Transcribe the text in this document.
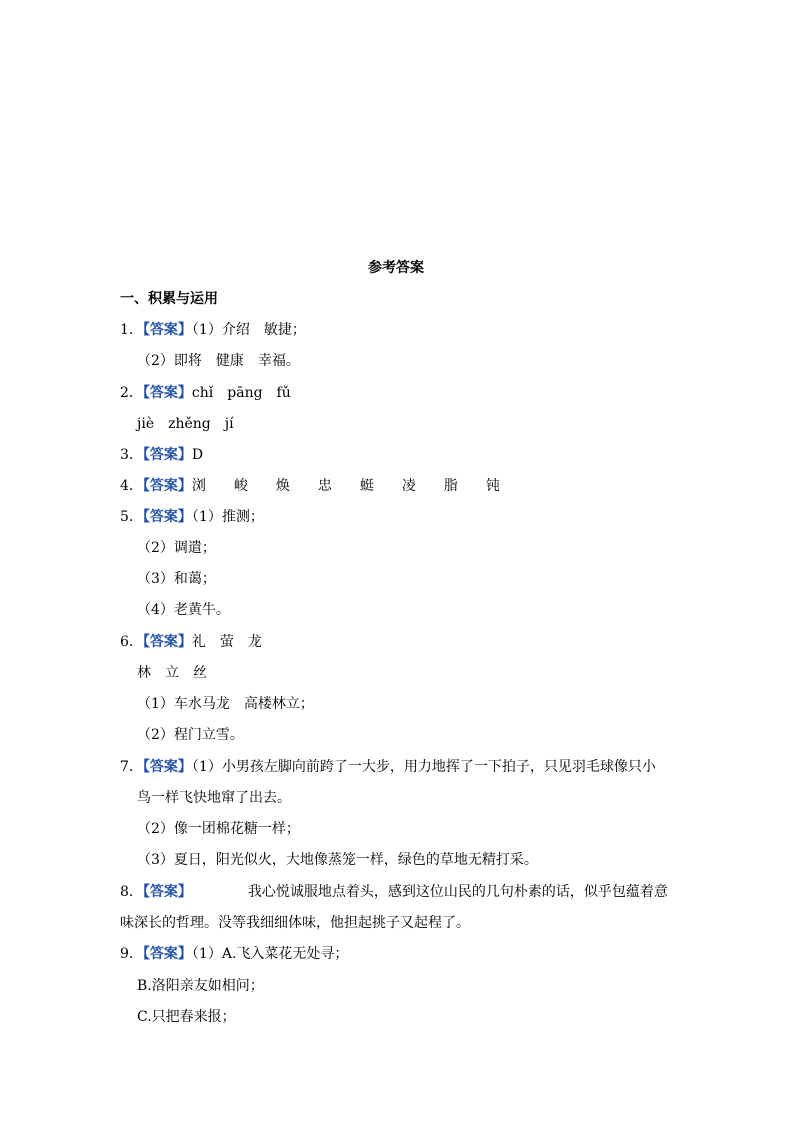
参考答案
一、积累与运用
1．【答案】（1）介绍　敏捷；
（2）即将　健康　幸福。
2．【答案】chǐ　pāng　fǔ
jiè　zhěng　jí
3．【答案】D
4．【答案】浏　　峻　　焕　　忠　　蜓　　凌　　脂　　钝
5．【答案】（1）推测；
（2）调遣；
（3）和蔼；
（4）老黄牛。
6．【答案】礼　萤　龙
林　立　丝
（1）车水马龙　高楼林立；
（2）程门立雪。
7．【答案】（1）小男孩左脚向前跨了一大步，用力地挥了一下拍子，只见羽毛球像只小
鸟一样飞快地窜了出去。
（2）像一团棉花糖一样；
（3）夏日，阳光似火，大地像蒸笼一样，绿色的草地无精打采。
8．【答案】	我心悦诚服地点着头，感到这位山民的几句朴素的话，似乎包蕴着意
味深长的哲理。没等我细细体味，他担起挑子又起程了。
9．【答案】（1）A.飞入菜花无处寻；
B.洛阳亲友如相问；
C.只把春来报；
